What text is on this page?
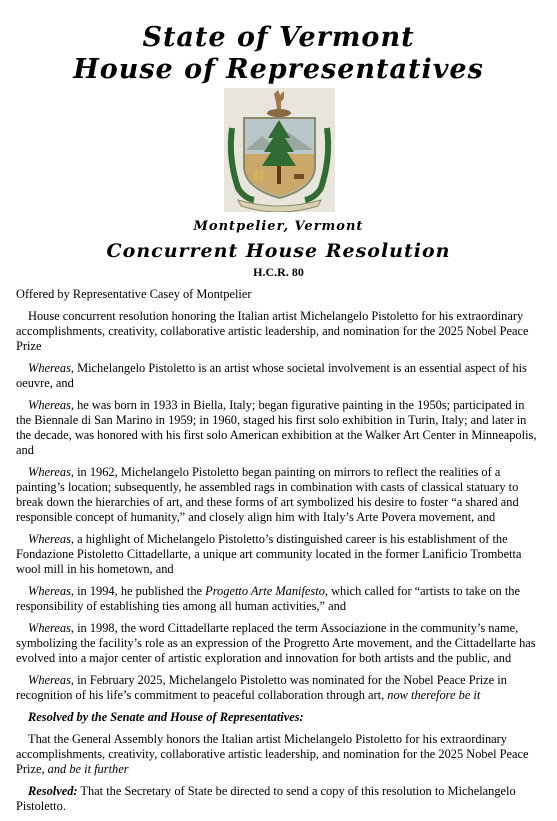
State of Vermont
House of Representatives
Montpelier, Vermont
Concurrent House Resolution
H.C.R. 80

Offered by Representative Casey of Montpelier

House concurrent resolution honoring the Italian artist Michelangelo Pistoletto for his extraordinary accomplishments, creativity, collaborative artistic leadership, and nomination for the 2025 Nobel Peace Prize

Whereas, Michelangelo Pistoletto is an artist whose societal involvement is an essential aspect of his oeuvre, and

Whereas, he was born in 1933 in Biella, Italy; began figurative painting in the 1950s; participated in the Biennale di San Marino in 1959; in 1960, staged his first solo exhibition in Turin, Italy; and later in the decade, was honored with his first solo American exhibition at the Walker Art Center in Minneapolis, and

Whereas, in 1962, Michelangelo Pistoletto began painting on mirrors to reflect the realities of a painting’s location; subsequently, he assembled rags in combination with casts of classical statuary to break down the hierarchies of art, and these forms of art symbolized his desire to foster “a shared and responsible concept of humanity,” and closely align him with Italy’s Arte Povera movement, and

Whereas, a highlight of Michelangelo Pistoletto’s distinguished career is his establishment of the Fondazione Pistoletto Cittadellarte, a unique art community located in the former Lanificio Trombetta wool mill in his hometown, and

Whereas, in 1994, he published the Progetto Arte Manifesto, which called for “artists to take on the responsibility of establishing ties among all human activities,” and

Whereas, in 1998, the word Cittadellarte replaced the term Associazione in the community’s name, symbolizing the facility’s role as an expression of the Progretto Arte movement, and the Cittadellarte has evolved into a major center of artistic exploration and innovation for both artists and the public, and

Whereas, in February 2025, Michelangelo Pistoletto was nominated for the Nobel Peace Prize in recognition of his life’s commitment to peaceful collaboration through art, now therefore be it

Resolved by the Senate and House of Representatives:

That the General Assembly honors the Italian artist Michelangelo Pistoletto for his extraordinary accomplishments, creativity, collaborative artistic leadership, and nomination for the 2025 Nobel Peace Prize, and be it further

Resolved: That the Secretary of State be directed to send a copy of this resolution to Michelangelo Pistoletto.
